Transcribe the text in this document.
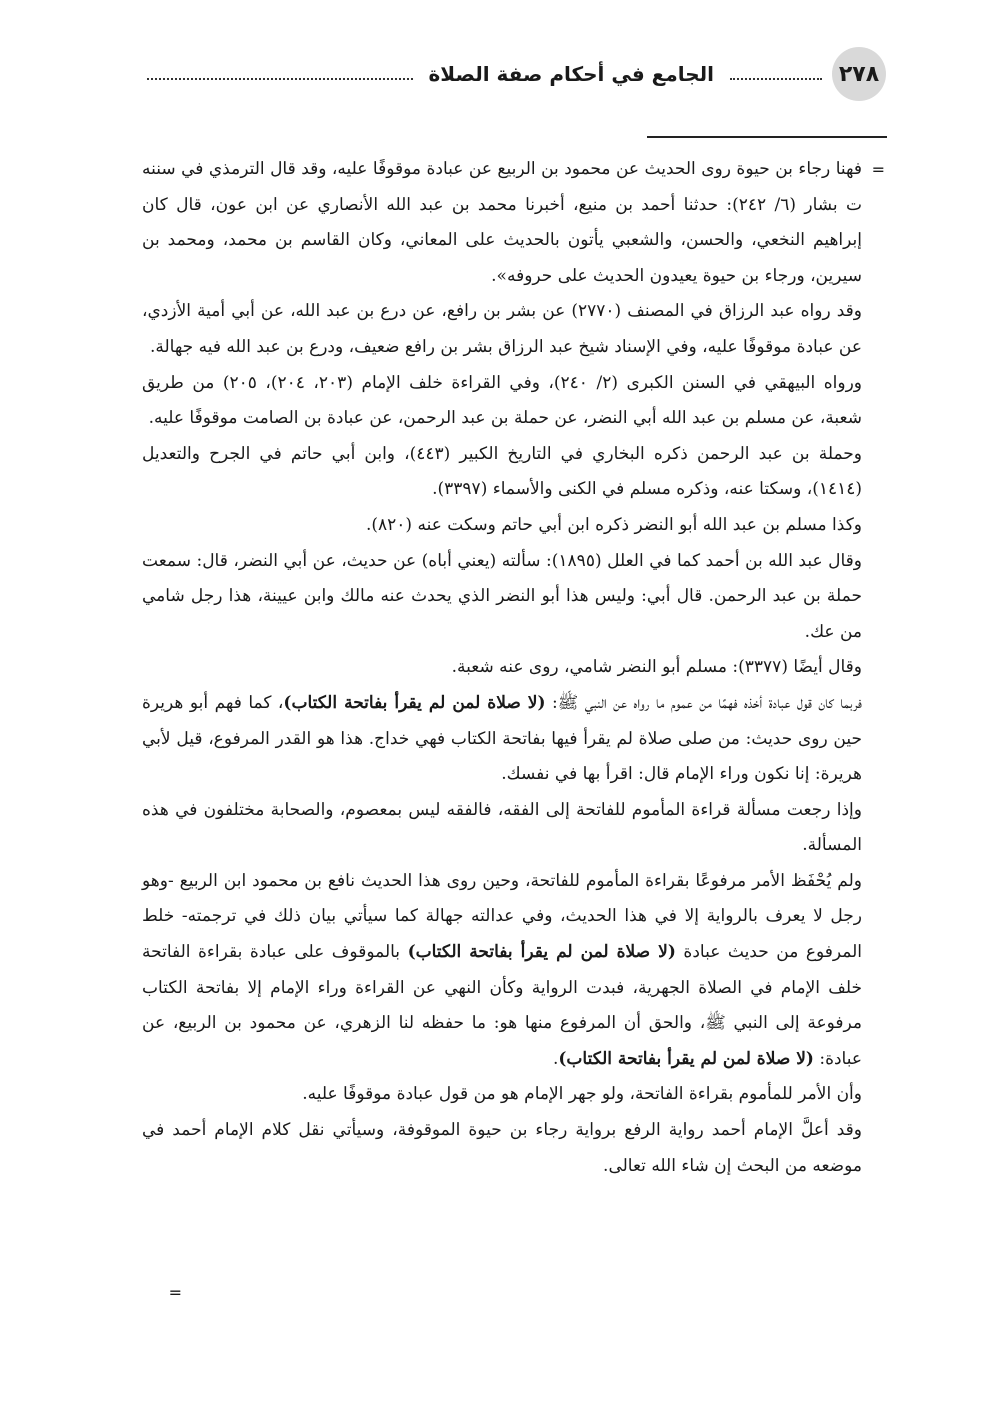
٢٧٨
الجامع في أحكام صفة الصلاة
=

فهنا رجاء بن حيوة روى الحديث عن محمود بن الربيع عن عبادة موقوفًا عليه، وقد قال الترمذي في سننه ت بشار (٦/ ٢٤٢): حدثنا أحمد بن منيع، أخبرنا محمد بن عبد الله الأنصاري عن ابن عون، قال كان إبراهيم النخعي، والحسن، والشعبي يأتون بالحديث على المعاني، وكان القاسم بن محمد، ومحمد بن سيرين، ورجاء بن حيوة يعيدون الحديث على حروفه».

وقد رواه عبد الرزاق في المصنف (٢٧٧٠) عن بشر بن رافع، عن درع بن عبد الله، عن أبي أمية الأزدي، عن عبادة موقوفًا عليه، وفي الإسناد شيخ عبد الرزاق بشر بن رافع ضعيف، ودرع بن عبد الله فيه جهالة.

ورواه البيهقي في السنن الكبرى (٢/ ٢٤٠)، وفي القراءة خلف الإمام (٢٠٣، ٢٠٤)، ٢٠٥) من طريق شعبة، عن مسلم بن عبد الله أبي النضر، عن حملة بن عبد الرحمن، عن عبادة بن الصامت موقوفًا عليه.

وحملة بن عبد الرحمن ذكره البخاري في التاريخ الكبير (٤٤٣)، وابن أبي حاتم في الجرح والتعديل (١٤١٤)، وسكتا عنه، وذكره مسلم في الكنى والأسماء (٣٣٩٧).

وكذا مسلم بن عبد الله أبو النضر ذكره ابن أبي حاتم وسكت عنه (٨٢٠).

وقال عبد الله بن أحمد كما في العلل (١٨٩٥): سألته (يعني أباه) عن حديث، عن أبي النضر، قال: سمعت حملة بن عبد الرحمن. قال أبي: وليس هذا أبو النضر الذي يحدث عنه مالك وابن عيينة، هذا رجل شامي من عك.

وقال أيضًا (٣٣٧٧): مسلم أبو النضر شامي، روى عنه شعبة.

فربما كان قول عبادة أخذه فهمًا من عموم ما رواه عن النبي ﷺ: (لا صلاة لمن لم يقرأ بفاتحة الكتاب)، كما فهم أبو هريرة حين روى حديث: من صلى صلاة لم يقرأ فيها بفاتحة الكتاب فهي خداج. هذا هو القدر المرفوع، قيل لأبي هريرة: إنا نكون وراء الإمام قال: اقرأ بها في نفسك.

وإذا رجعت مسألة قراءة المأموم للفاتحة إلى الفقه، فالفقه ليس بمعصوم، والصحابة مختلفون في هذه المسألة.

ولم يُحْفَظ الأمر مرفوعًا بقراءة المأموم للفاتحة، وحين روى هذا الحديث نافع بن محمود ابن الربيع -وهو رجل لا يعرف بالرواية إلا في هذا الحديث، وفي عدالته جهالة كما سيأتي بيان ذلك في ترجمته- خلط المرفوع من حديث عبادة (لا صلاة لمن لم يقرأ بفاتحة الكتاب) بالموقوف على عبادة بقراءة الفاتحة خلف الإمام في الصلاة الجهرية، فبدت الرواية وكأن النهي عن القراءة وراء الإمام إلا بفاتحة الكتاب مرفوعة إلى النبي ﷺ، والحق أن المرفوع منها هو: ما حفظه لنا الزهري، عن محمود بن الربيع، عن عبادة: (لا صلاة لمن لم يقرأ بفاتحة الكتاب).

وأن الأمر للمأموم بقراءة الفاتحة، ولو جهر الإمام هو من قول عبادة موقوفًا عليه.

وقد أعلَّ الإمام أحمد رواية الرفع برواية رجاء بن حيوة الموقوفة، وسيأتي نقل كلام الإمام أحمد في موضعه من البحث إن شاء الله تعالى.

=
